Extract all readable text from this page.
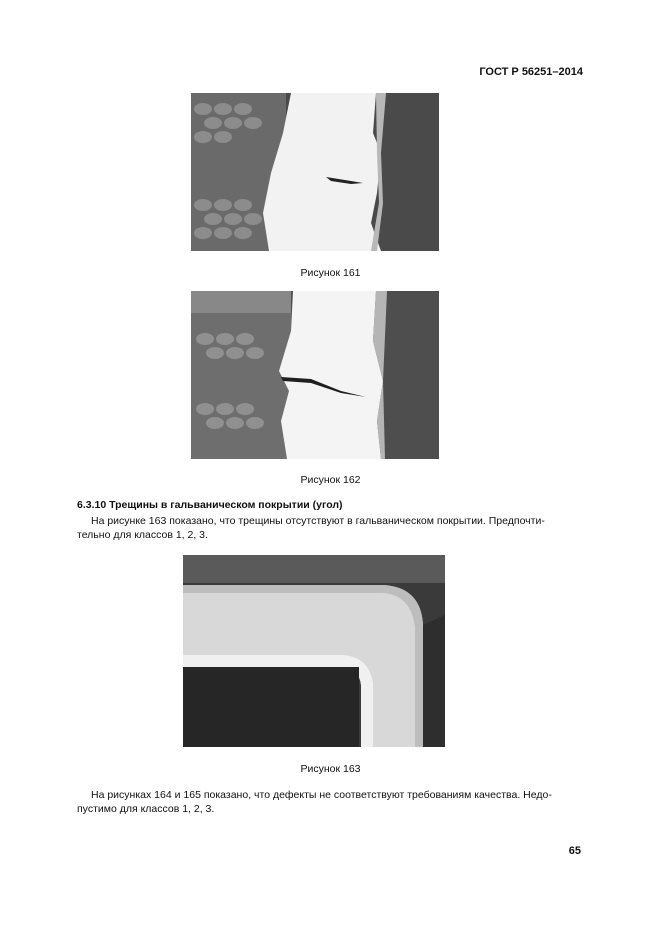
ГОСТ Р 56251–2014
Рисунок 161
Рисунок 162
6.3.10 Трещины в гальваническом покрытии (угол)
На рисунке 163 показано, что трещины отсутствуют в гальваническом покрытии. Предпочти-
тельно для классов 1, 2, 3.
Рисунок 163
На рисунках 164 и 165 показано, что дефекты не соответствуют требованиям качества. Недо-
пустимо для классов 1, 2, 3.
65
